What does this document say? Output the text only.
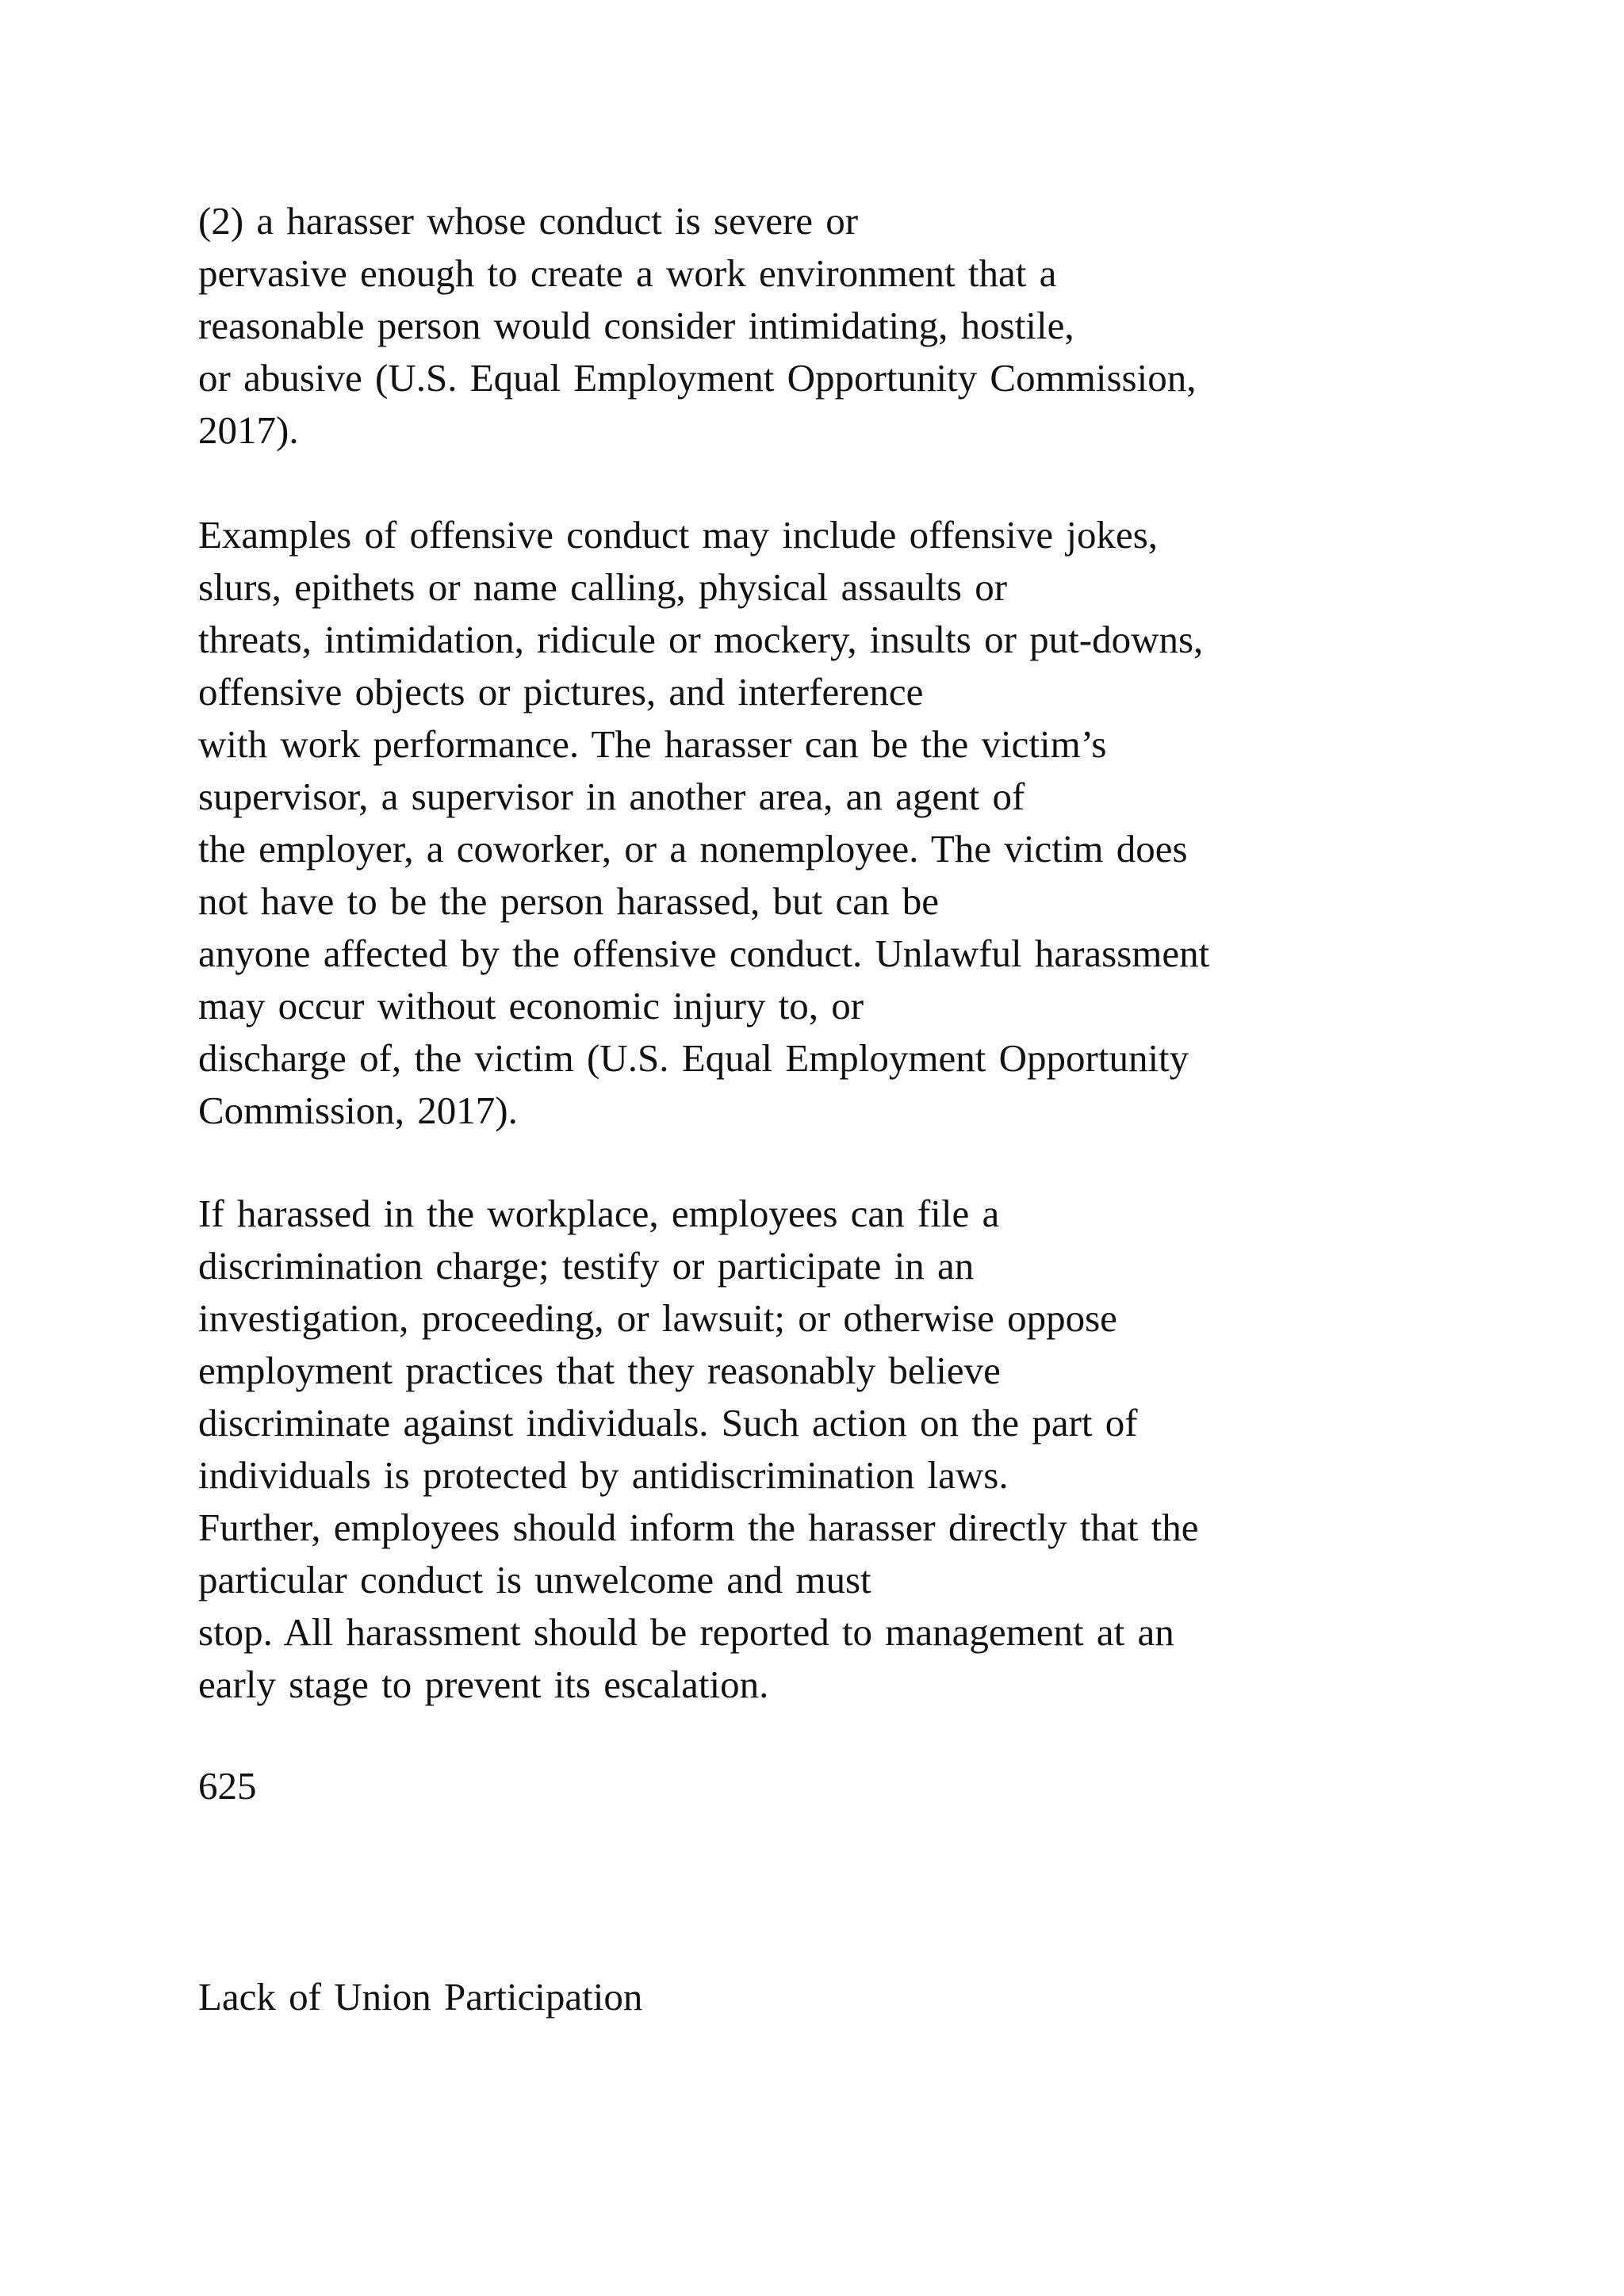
(2) a harasser whose conduct is severe or
pervasive enough to create a work environment that a
reasonable person would consider intimidating, hostile,
or abusive (U.S. Equal Employment Opportunity Commission,
2017).
Examples of offensive conduct may include offensive jokes,
slurs, epithets or name calling, physical assaults or
threats, intimidation, ridicule or mockery, insults or put-downs,
offensive objects or pictures, and interference
with work performance. The harasser can be the victim’s
supervisor, a supervisor in another area, an agent of
the employer, a coworker, or a nonemployee. The victim does
not have to be the person harassed, but can be
anyone affected by the offensive conduct. Unlawful harassment
may occur without economic injury to, or
discharge of, the victim (U.S. Equal Employment Opportunity
Commission, 2017).
If harassed in the workplace, employees can file a
discrimination charge; testify or participate in an
investigation, proceeding, or lawsuit; or otherwise oppose
employment practices that they reasonably believe
discriminate against individuals. Such action on the part of
individuals is protected by antidiscrimination laws.
Further, employees should inform the harasser directly that the
particular conduct is unwelcome and must
stop. All harassment should be reported to management at an
early stage to prevent its escalation.
625
Lack of Union Participation
